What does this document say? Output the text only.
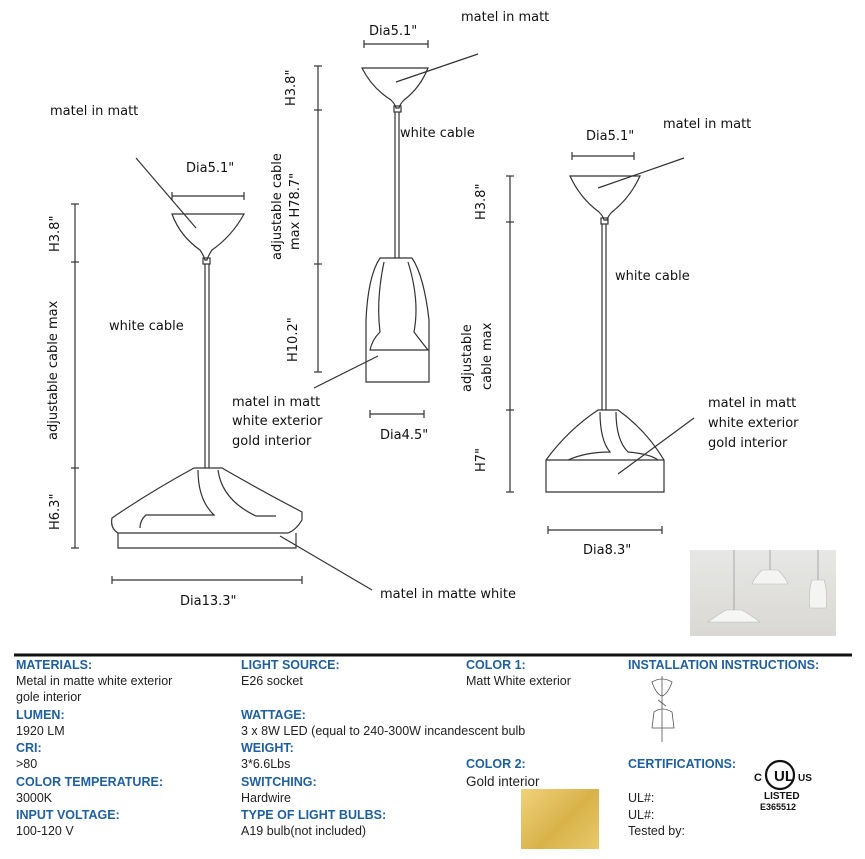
matel in matt
Dia5.1"
H3.8"
adjustable cable max	white cable
H6.3"
Dia13.3"	matel in matte white
matel in matt
Dia5.1"
H3.8"
adjustable cable max H78.7"
white cable
H10.2"
Dia4.5"
matel in matt
white exterior
gold interior
matel in matt
Dia5.1"
H3.8"
adjustable cable max
white cable
H7"
Dia8.3"
matel in matt
white exterior
gold interior
MATERIALS:
Metal in matte white exterior
gole interior
LUMEN:
1920 LM
CRI:
>80
COLOR TEMPERATURE:
3000K
INPUT VOLTAGE:
100-120 V
LIGHT SOURCE:
E26 socket
WATTAGE:
3 x 8W LED (equal to 240-300W incandescent bulb
WEIGHT:
3*6.6Lbs
SWITCHING:
Hardwire
TYPE OF LIGHT BULBS:
A19 bulb(not included)
COLOR 1:
Matt White exterior
COLOR 2:
Gold interior
INSTALLATION INSTRUCTIONS:
CERTIFICATIONS:
UL#:
UL#:
Tested by:
UL
C	US
LISTED
E365512
